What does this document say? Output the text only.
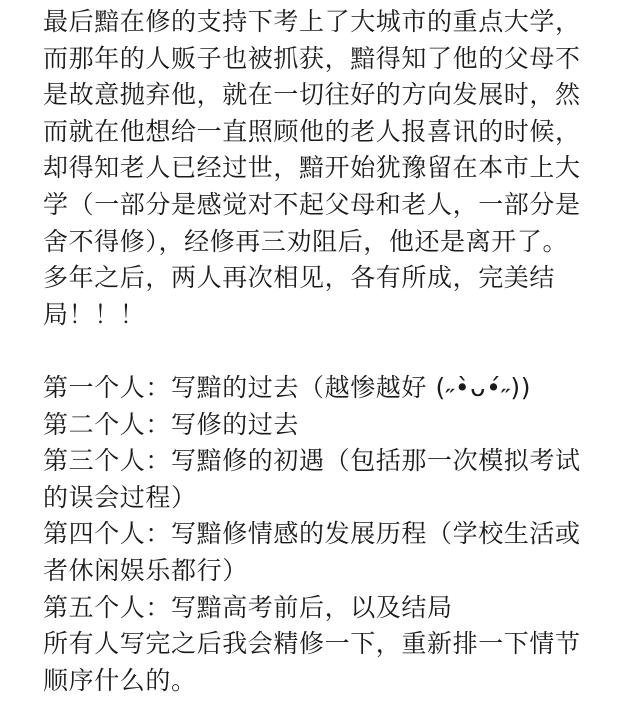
最后黯在修的支持下考上了大城市的重点大学，
而那年的人贩子也被抓获，黯得知了他的父母不
是故意抛弃他，就在一切往好的方向发展时，然
而就在他想给一直照顾他的老人报喜讯的时候，
却得知老人已经过世，黯开始犹豫留在本市上大
学（一部分是感觉对不起父母和老人，一部分是
舍不得修），经修再三劝阻后，他还是离开了。
多年之后，两人再次相见，各有所成，完美结
局！！！
第一个人：写黯的过去（越惨越好 (˶•̀ᴗ•́˶))
第二个人：写修的过去
第三个人：写黯修的初遇（包括那一次模拟考试
的误会过程）
第四个人：写黯修情感的发展历程（学校生活或
者休闲娱乐都行）
第五个人：写黯高考前后，以及结局
所有人写完之后我会精修一下，重新排一下情节
顺序什么的。
